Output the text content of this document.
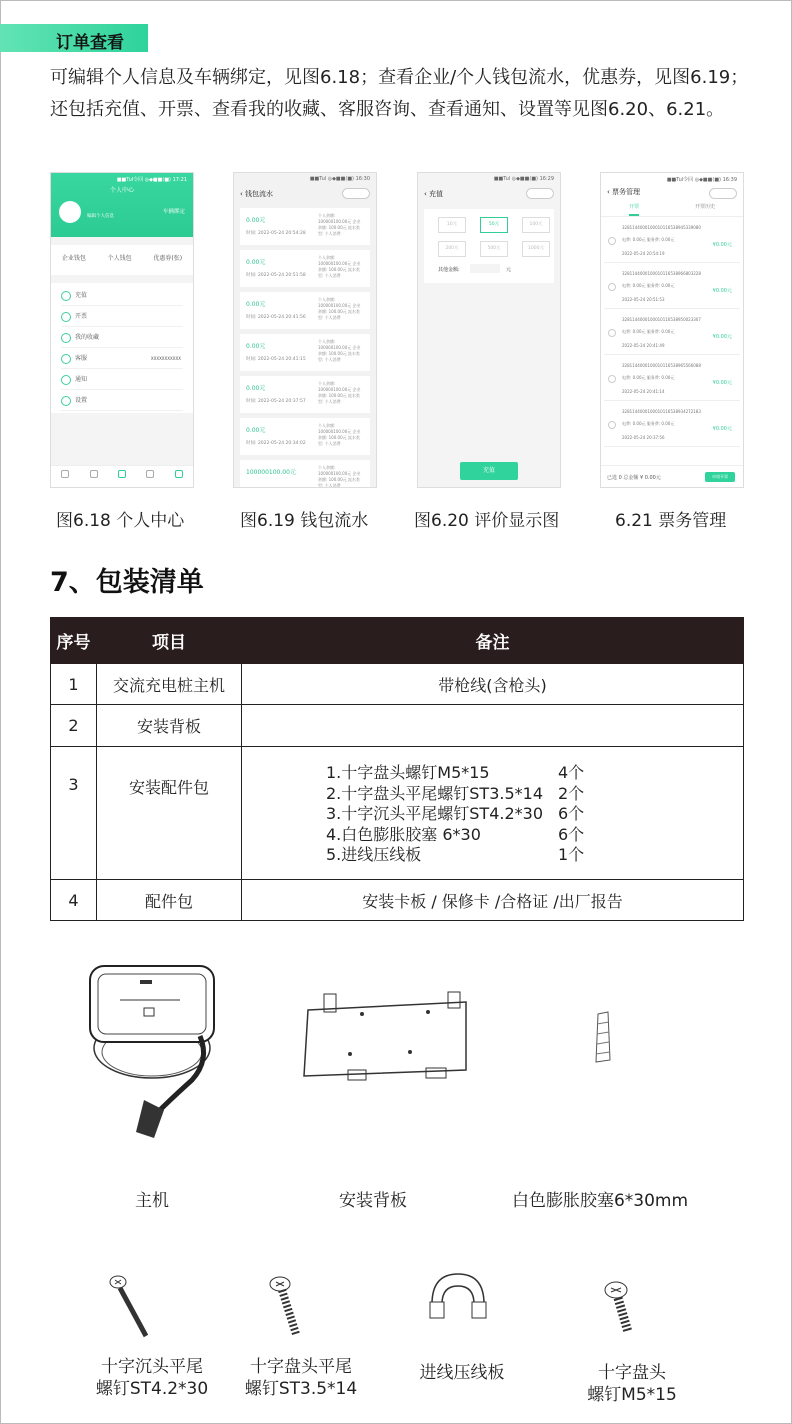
订单查看

可编辑个人信息及车辆绑定，见图6.18；查看企业/个人钱包流水，优惠券，见图6.19；还包括充值、开票、查看我的收藏、客服咨询、查看通知、设置等见图6.20、6.21。

■■Tul令回 ◎◆■■(■) 17:21
个人中心
编辑个人信息
车辆绑定
企业钱包	个人钱包	优惠券(张)
充值
开票
我的收藏
客服	XXXXXXXXXXX
通知
设置
■■Tul ◎◆■■(■) 16:30
‹ 钱包流水
0.00元
时间: 2022-05-24 20:54:28
个人余额: 100000100.00元 企业余额: 100.00元 流水类型: 个人消费
0.00元
时间: 2022-05-24 20:51:58
个人余额: 100000100.00元 企业余额: 100.00元 流水类型: 个人消费
0.00元
时间: 2022-05-24 20:41:56
个人余额: 100000100.00元 企业余额: 100.00元 流水类型: 个人消费
0.00元
时间: 2022-05-24 20:41:15
个人余额: 100000100.00元 企业余额: 100.00元 流水类型: 个人消费
0.00元
时间: 2022-05-24 20:37:57
个人余额: 100000100.00元 企业余额: 100.00元 流水类型: 个人消费
0.00元
时间: 2022-05-24 20:34:02
个人余额: 100000100.00元 企业余额: 100.00元 流水类型: 个人消费
100000100.00元
个人余额: 100000100.00元 企业余额: 100.00元 流水类型: 个人消费
■■Tul ◎◆■■(■) 16:29
‹ 充值
10元	50元	100元
200元	500元	1000元
其他金额:	元
充值
■■Tul令回 ◎◆■■(■) 16:39
‹ 票务管理
开票	开票历史
3281144000100010116538945339080
电费: 0.00元 服务费: 0.00元
2022-05-24 20:54:19
¥0.00元
3281144000100010116538966803228
电费: 0.00元 服务费: 0.00元
2022-05-24 20:51:53
¥0.00元
3281144000100010116538950023307
电费: 0.00元 服务费: 0.00元
2022-05-24 20:41:49
¥0.00元
3281144000100010116538965566088
电费: 0.00元 服务费: 0.00元
2022-05-24 20:41:14
¥0.00元
3281144000100010116538934272183
电费: 0.00元 服务费: 0.00元
2022-05-24 20:37:56
¥0.00元
已选 0 总金额 ¥ 0.00元	申请开票
图6.18 个人中心	图6.19 钱包流水	图6.20 评价显示图	6.21 票务管理
7、包装清单
序号	项目	备注
1	交流充电桩主机	带枪线(含枪头)
2	安装背板	
3	安装配件包	1.十字盘头螺钉M5*15 4个
2.十字盘头平尾螺钉ST3.5*14 2个
3.十字沉头平尾螺钉ST4.2*30 6个
4.白色膨胀胶塞 6*30 6个
5.进线压线板 1个

4	配件包	安装卡板 / 保修卡 /合格证 /出厂报告
主机	安装背板	白色膨胀胶塞6*30mm
十字沉头平尾
螺钉ST4.2*30
十字盘头平尾
螺钉ST3.5*14
进线压线板	十字盘头
螺钉M5*15
